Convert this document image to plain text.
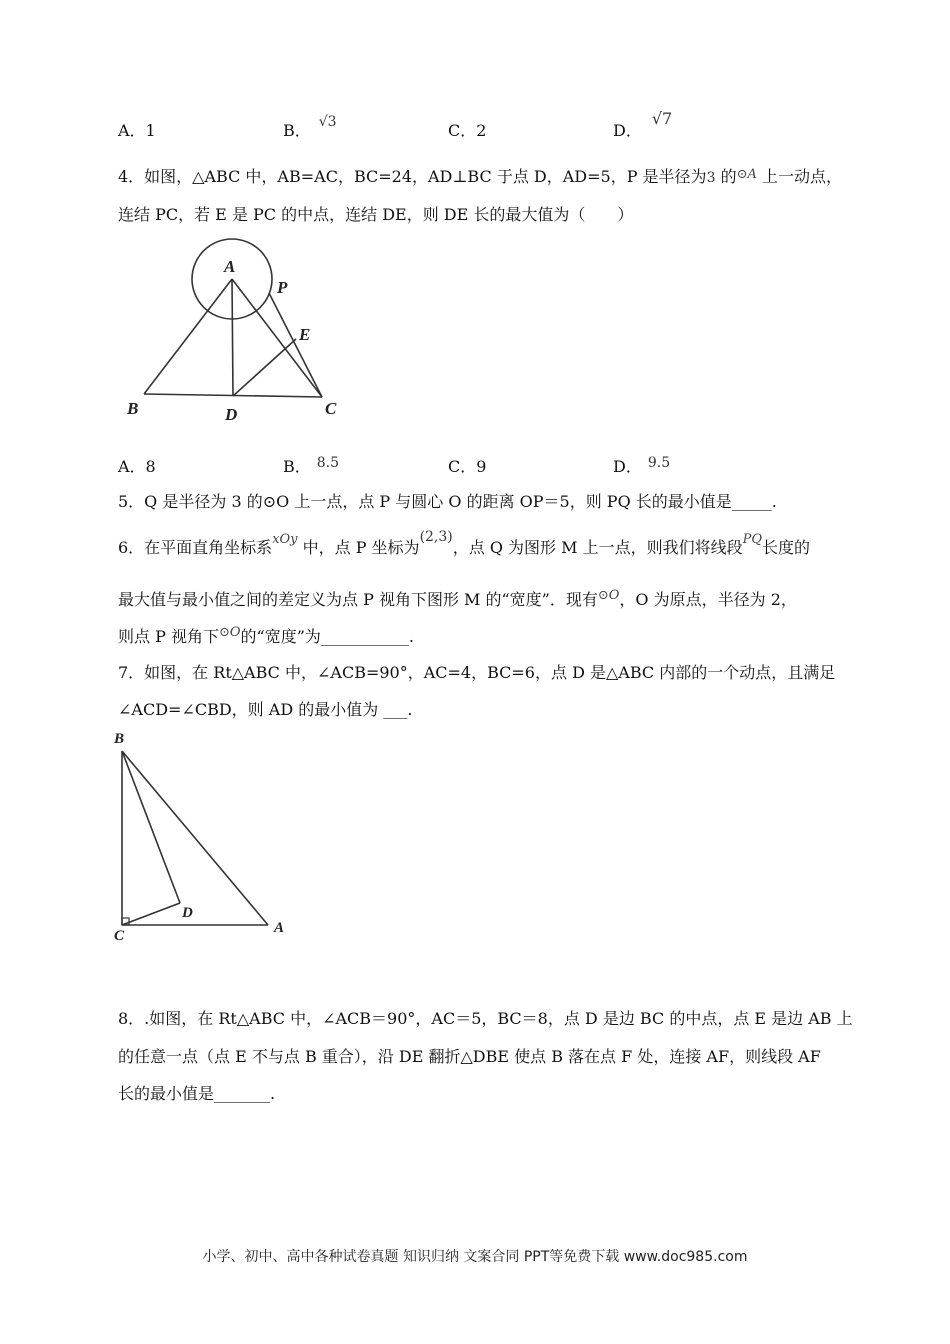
A．1	B． √3	C．2	D．√7
4．如图，△ABC 中，AB=AC，BC=24，AD⊥BC 于点 D，AD=5，P 是半径为3 的$^{⊙A}$ 上一动点，
连结 PC，若 E 是 PC 的中点，连结 DE，则 DE 长的最大值为（　　）
A
P
E
B	D	C
A．8	B． 8.5	C．9	D． 9.5
5．Q 是半径为 3 的⊙O 上一点，点 P 与圆心 O 的距离 OP＝5，则 PQ 长的最小值是_____.
6．在平面直角坐标系$^{xOy}$ 中，点 P 坐标为(2,3)，点 Q 为图形 M 上一点，则我们将线段$^{PQ}$长度的
最大值与最小值之间的差定义为点 P 视角下图形 M 的“宽度”．现有$^{⊙O}$，O 为原点，半径为 2，
则点 P 视角下$^{⊙O}$的“宽度”为___________.
7．如图，在 Rt△ABC 中，∠ACB=90°，AC=4，BC=6，点 D 是△ABC 内部的一个动点，且满足
∠ACD=∠CBD，则 AD 的最小值为 ___.
B
D
C	A
8．.如图，在 Rt△ABC 中，∠ACB＝90°，AC＝5，BC＝8，点 D 是边 BC 的中点，点 E 是边 AB 上
的任意一点（点 E 不与点 B 重合），沿 DE 翻折△DBE 使点 B 落在点 F 处，连接 AF，则线段 AF
长的最小值是_______.
小学、初中、高中各种试卷真题 知识归纳 文案合同 PPT等免费下载 www.doc985.com
